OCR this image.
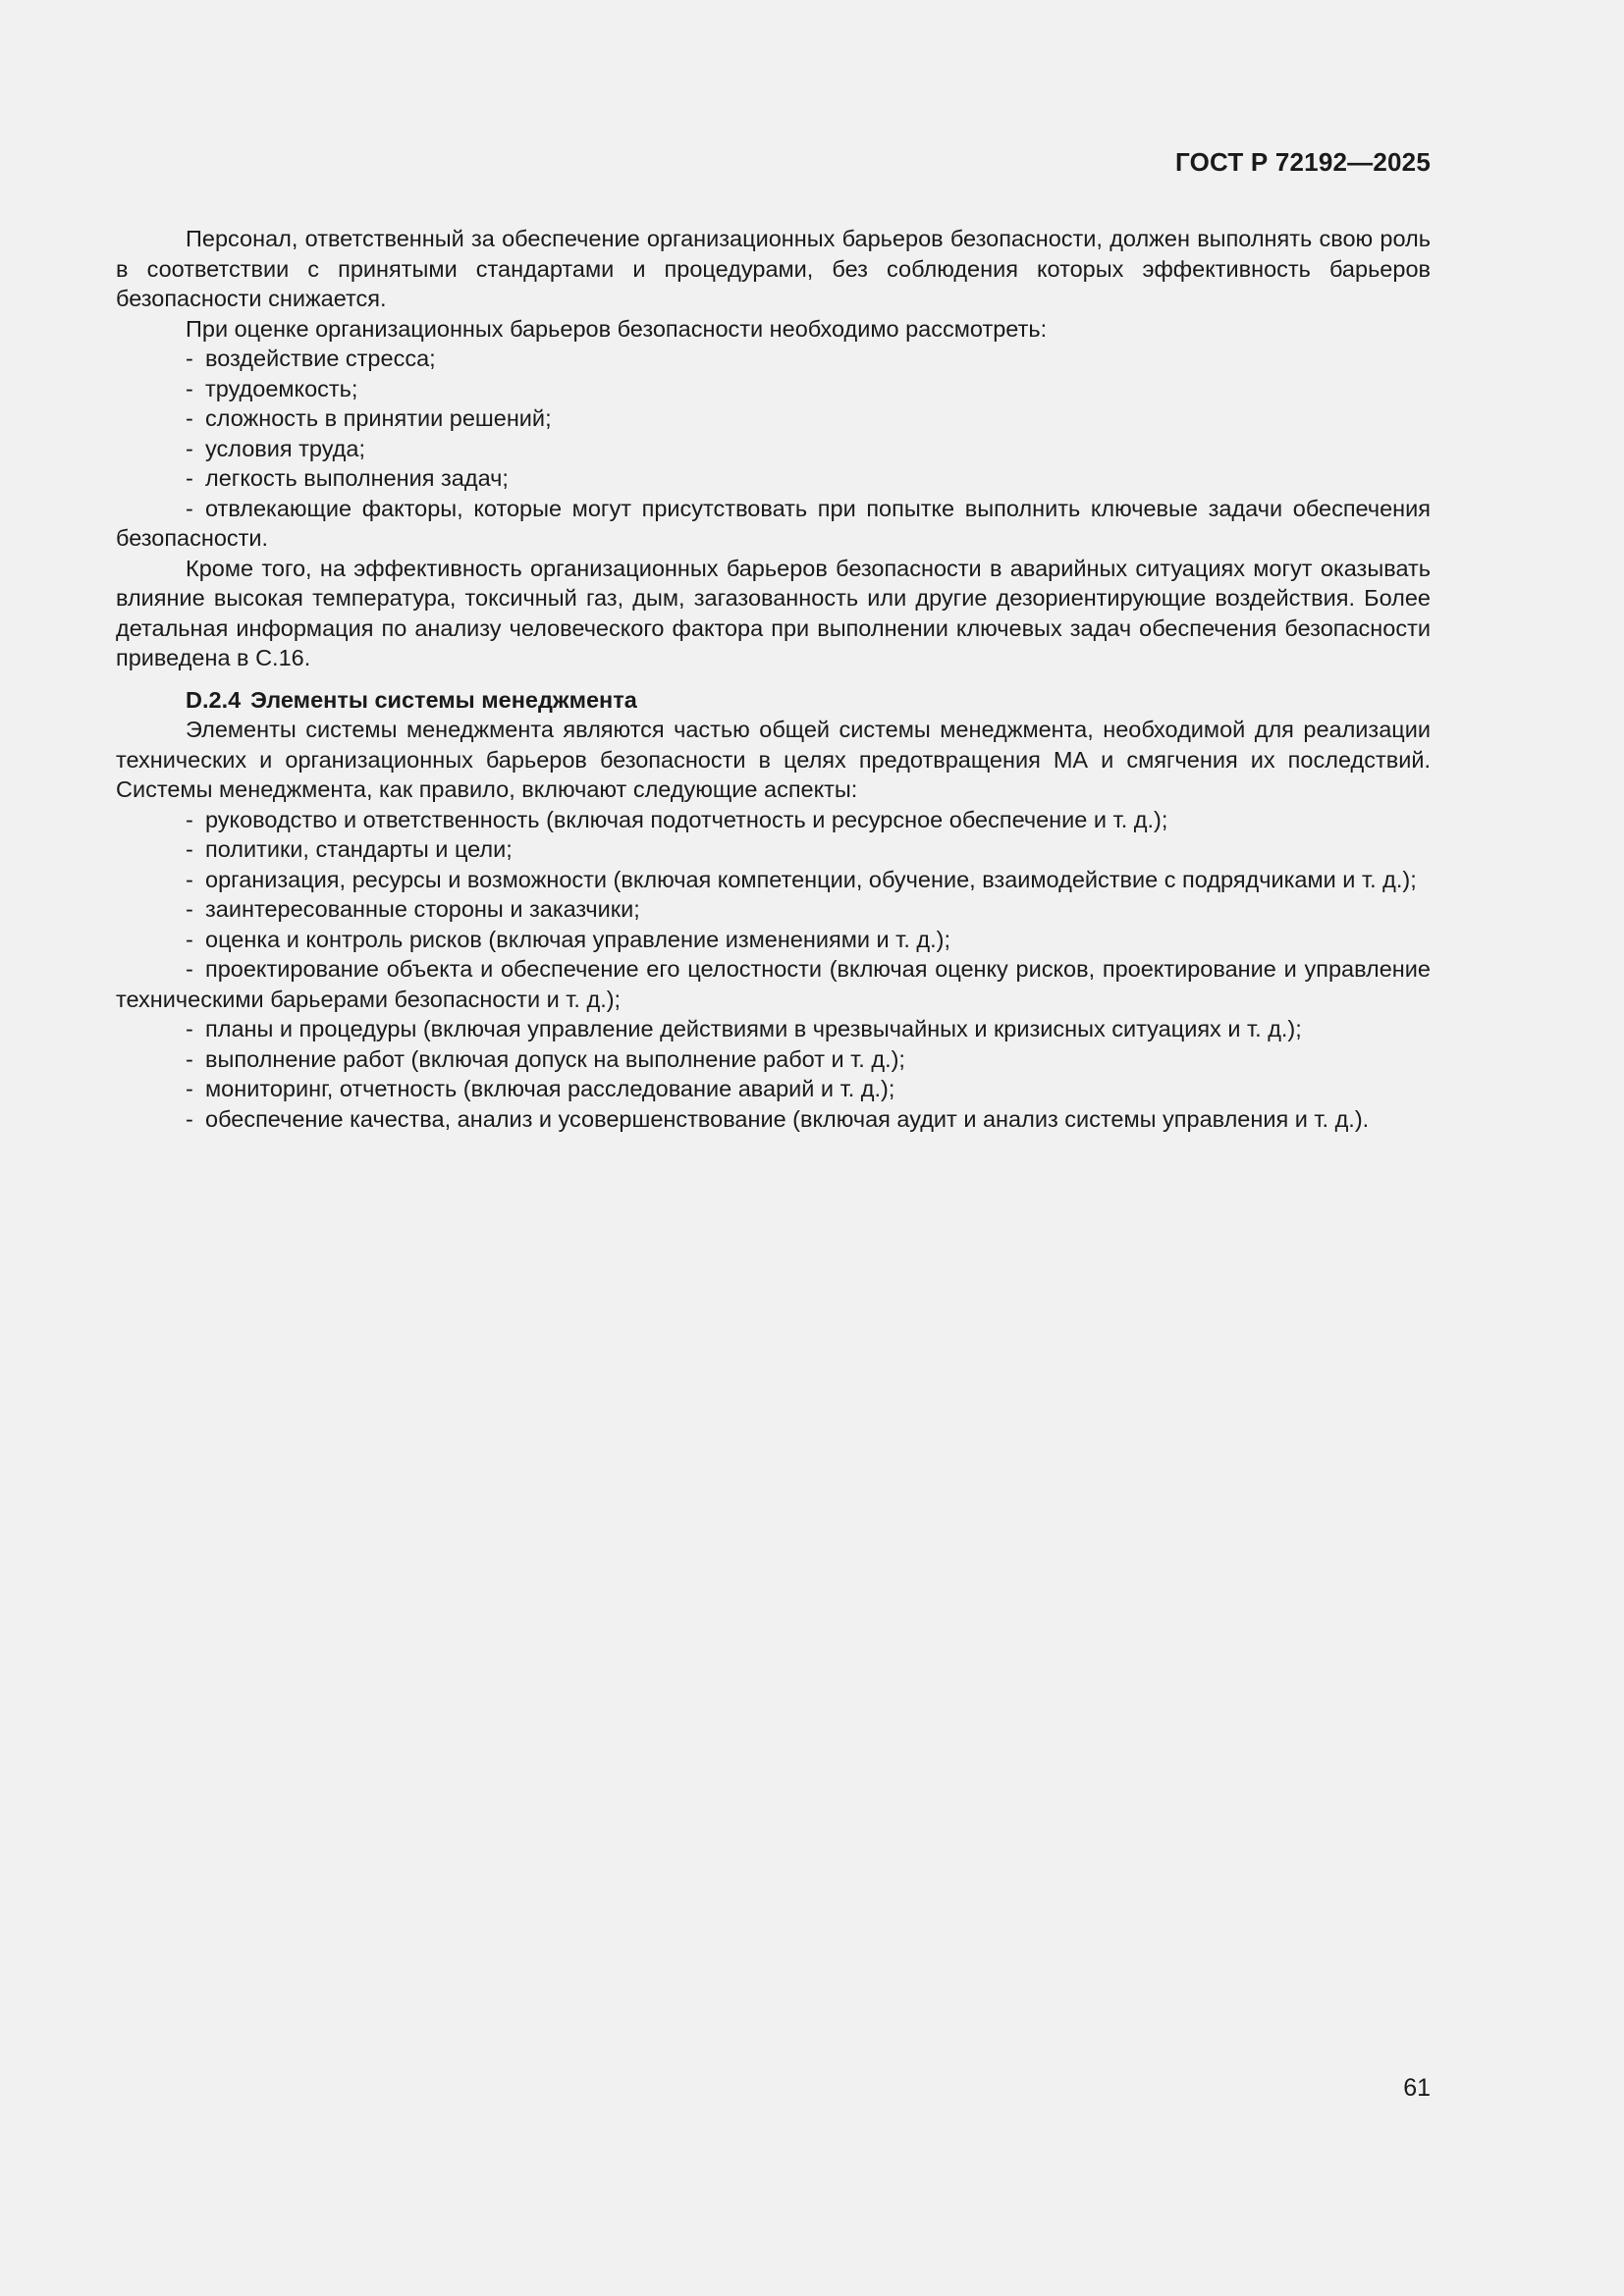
ГОСТ Р 72192—2025

Персонал, ответственный за обеспечение организационных барьеров безопасности, должен выполнять свою роль в соответствии с принятыми стандартами и процедурами, без соблюдения которых эффективность барьеров безопасности снижается.

При оценке организационных барьеров безопасности необходимо рассмотреть:

- воздействие стресса;

- трудоемкость;

- сложность в принятии решений;

- условия труда;

- легкость выполнения задач;

- отвлекающие факторы, которые могут присутствовать при попытке выполнить ключевые задачи обеспечения безопасности.

Кроме того, на эффективность организационных барьеров безопасности в аварийных ситуациях могут оказывать влияние высокая температура, токсичный газ, дым, загазованность или другие дезориентирующие воздействия. Более детальная информация по анализу человеческого фактора при выполнении ключевых задач обеспечения безопасности приведена в С.16.

D.2.4 Элементы системы менеджмента

Элементы системы менеджмента являются частью общей системы менеджмента, необходимой для реализации технических и организационных барьеров безопасности в целях предотвращения МА и смягчения их последствий. Системы менеджмента, как правило, включают следующие аспекты:

- руководство и ответственность (включая подотчетность и ресурсное обеспечение и т. д.);

- политики, стандарты и цели;

- организация, ресурсы и возможности (включая компетенции, обучение, взаимодействие с подрядчиками и т. д.);

- заинтересованные стороны и заказчики;

- оценка и контроль рисков (включая управление изменениями и т. д.);

- проектирование объекта и обеспечение его целостности (включая оценку рисков, проектирование и управление техническими барьерами безопасности и т. д.);

- планы и процедуры (включая управление действиями в чрезвычайных и кризисных ситуациях и т. д.);

- выполнение работ (включая допуск на выполнение работ и т. д.);

- мониторинг, отчетность (включая расследование аварий и т. д.);

- обеспечение качества, анализ и усовершенствование (включая аудит и анализ системы управления и т. д.).

61
